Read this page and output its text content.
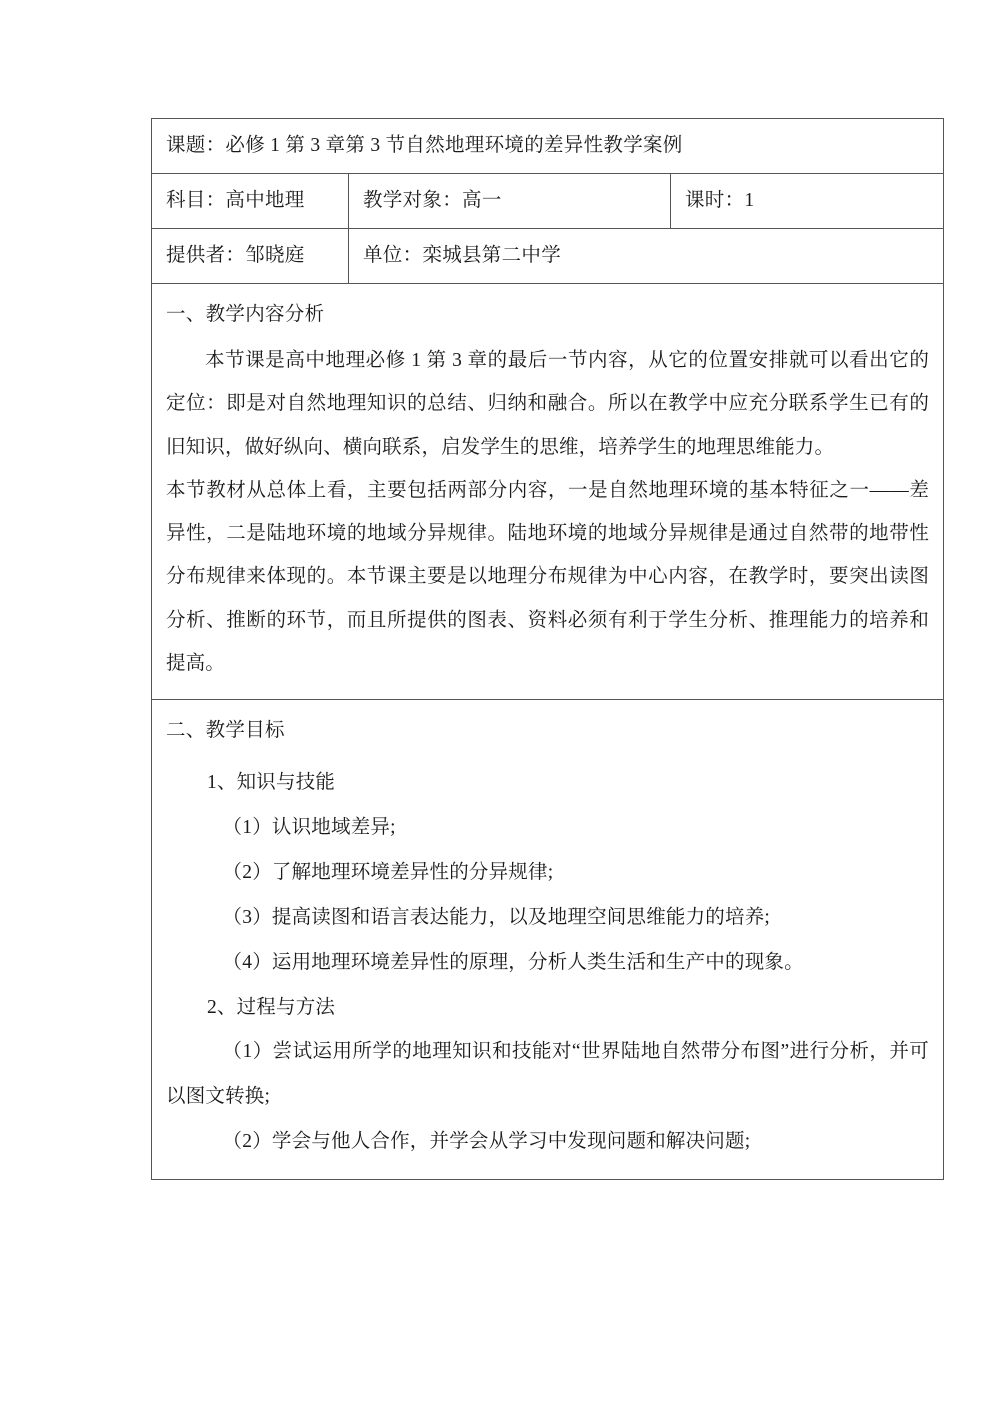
课题：必修 1 第 3 章第 3 节自然地理环境的差异性教学案例		

科目：高中地理	教学对象：高一	课时：1

提供者：邹晓庭	单位：栾城县第二中学	

一、教学内容分析

本节课是高中地理必修 1 第 3 章的最后一节内容，从它的位置安排就可以看出它的定位：即是对自然地理知识的总结、归纳和融合。所以在教学中应充分联系学生已有的旧知识，做好纵向、横向联系，启发学生的思维，培养学生的地理思维能力。

本节教材从总体上看，主要包括两部分内容，一是自然地理环境的基本特征之一——差异性，二是陆地环境的地域分异规律。陆地环境的地域分异规律是通过自然带的地带性分布规律来体现的。本节课主要是以地理分布规律为中心内容，在教学时，要突出读图分析、推断的环节，而且所提供的图表、资料必须有利于学生分析、推理能力的培养和提高。		

二、教学目标

1、知识与技能

（1）认识地域差异;

（2）了解地理环境差异性的分异规律;

（3）提高读图和语言表达能力，以及地理空间思维能力的培养;

（4）运用地理环境差异性的原理，分析人类生活和生产中的现象。

2、过程与方法

（1）尝试运用所学的地理知识和技能对“世界陆地自然带分布图”进行分析，并可以图文转换;

（2）学会与他人合作，并学会从学习中发现问题和解决问题;
